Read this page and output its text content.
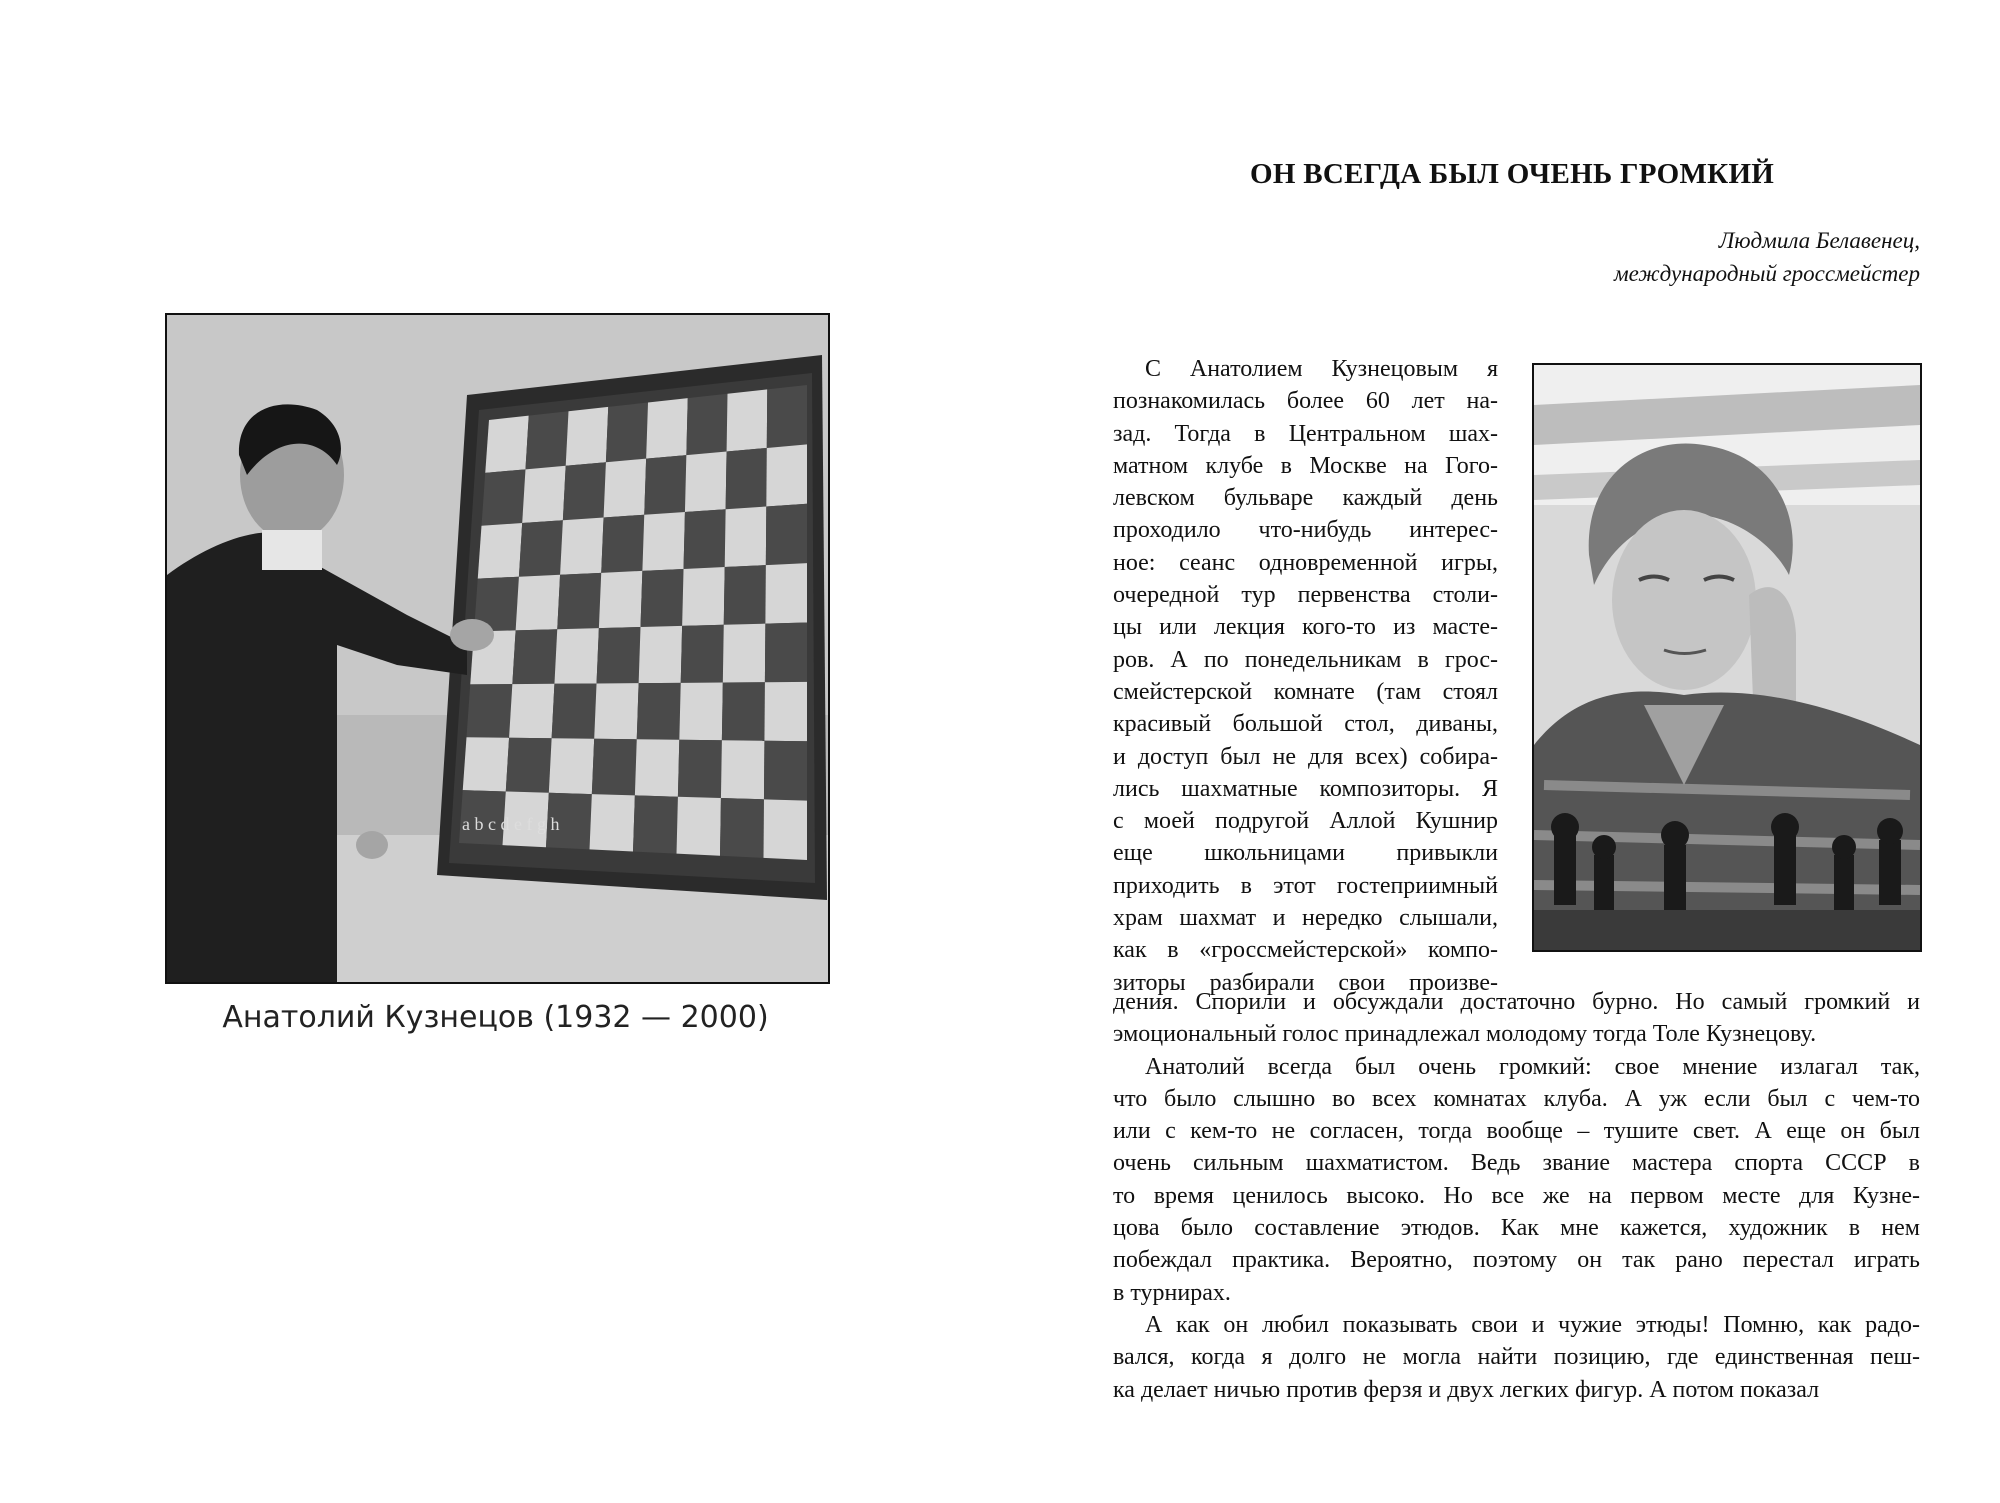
a b c d e f g h
Анатолий Кузнецов (1932 — 2000)
ОН ВСЕГДА БЫЛ ОЧЕНЬ ГРОМКИЙ
Людмила Белавенец,
международный гроссмейстер
С Анатолием Кузнецовым я
познакомилась более 60 лет на-
зад. Тогда в Центральном шах-
матном клубе в Москве на Гого-
левском бульваре каждый день
проходило что-нибудь интерес-
ное: сеанс одновременной игры,
очередной тур первенства столи-
цы или лекция кого-то из масте-
ров. А по понедельникам в грос-
смейстерской комнате (там стоял
красивый большой стол, диваны,
и доступ был не для всех) собира-
лись шахматные композиторы. Я
с моей подругой Аллой Кушнир
еще школьницами привыкли
приходить в этот гостеприимный
храм шахмат и нередко слышали,
как в «гроссмейстерской» компо-
зиторы разбирали свои произве-
дения. Спорили и обсуждали достаточно бурно. Но самый громкий и
эмоциональный голос принадлежал молодому тогда Толе Кузнецову.
Анатолий всегда был очень громкий: свое мнение излагал так,
что было слышно во всех комнатах клуба. А уж если был с чем-то
или с кем-то не согласен, тогда вообще – тушите свет. А еще он был
очень сильным шахматистом. Ведь звание мастера спорта СССР в
то время ценилось высоко. Но все же на первом месте для Кузне-
цова было составление этюдов. Как мне кажется, художник в нем
побеждал практика. Вероятно, поэтому он так рано перестал играть
в турнирах.
А как он любил показывать свои и чужие этюды! Помню, как радо-
вался, когда я долго не могла найти позицию, где единственная пеш-
ка делает ничью против ферзя и двух легких фигур. А потом показал
